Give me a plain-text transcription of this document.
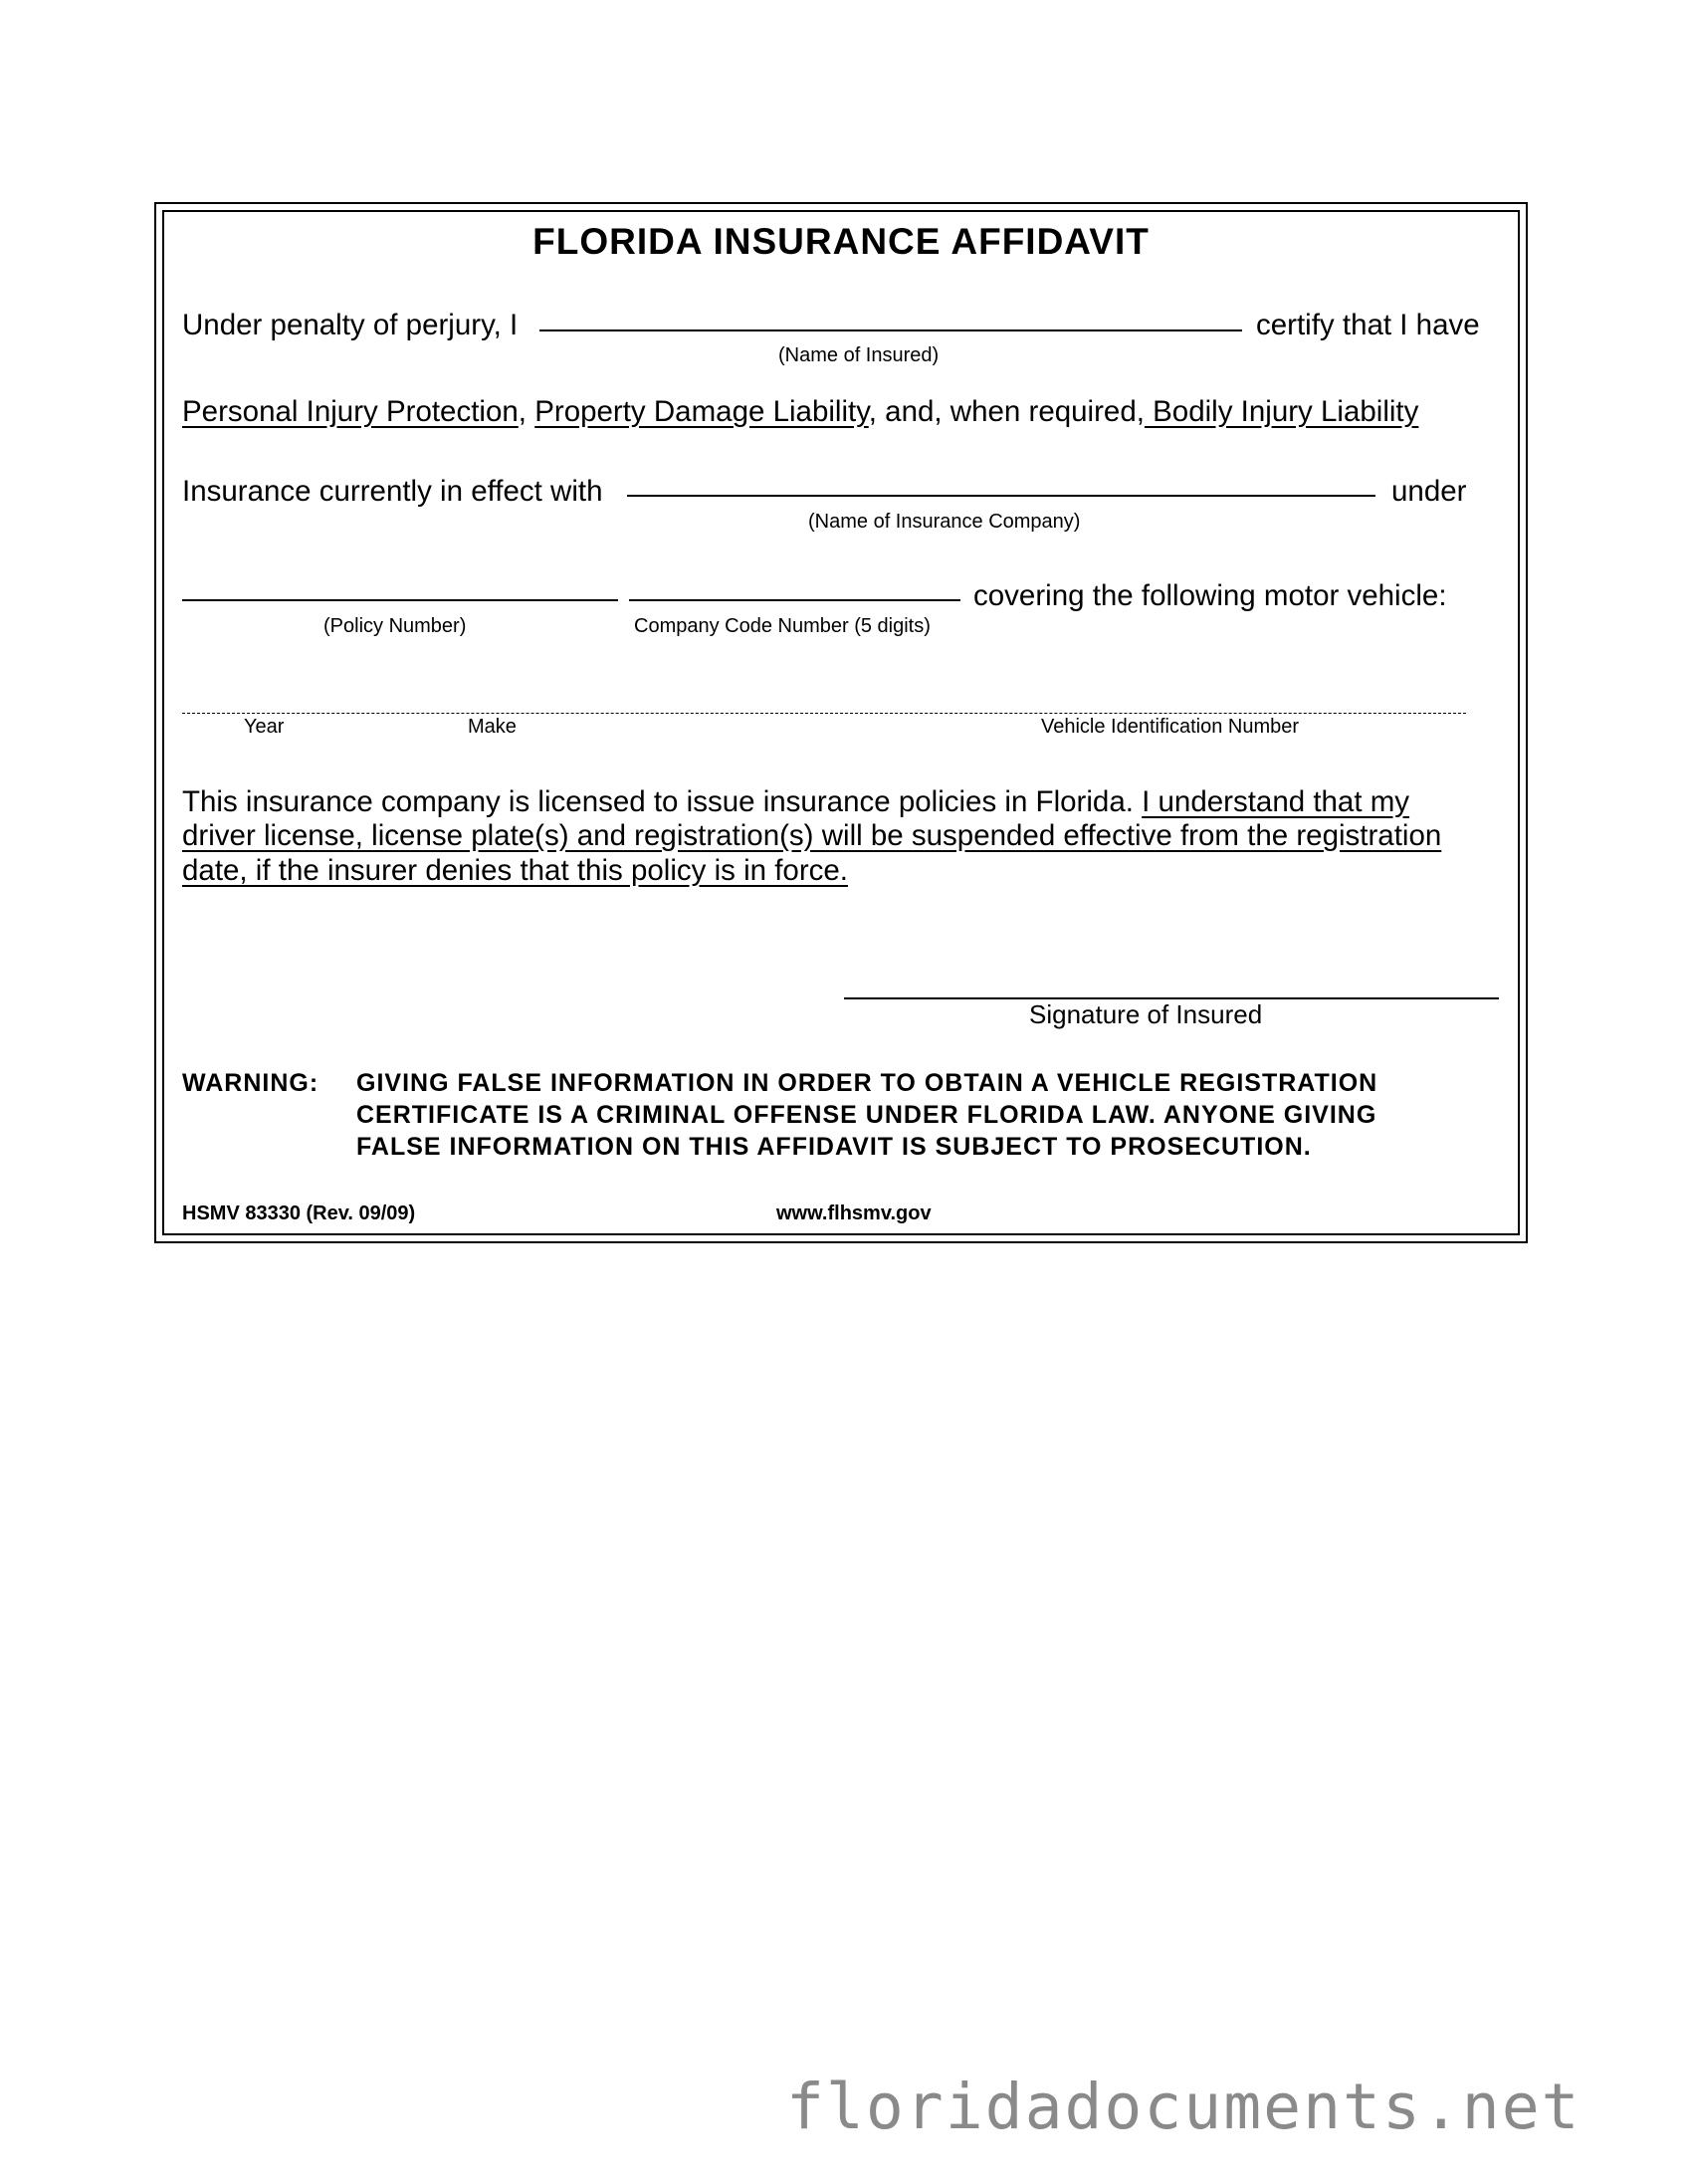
FLORIDA INSURANCE AFFIDAVIT
Under penalty of perjury, I	certify that I have
(Name of Insured)
Personal Injury Protection, Property Damage Liability, and, when required, Bodily Injury Liability
Insurance currently in effect with	under
(Name of Insurance Company)
covering the following motor vehicle:
(Policy Number)	Company Code Number (5 digits)
Year	Make	Vehicle Identification Number
This insurance company is licensed to issue insurance policies in Florida. I understand that my
driver license, license plate(s) and registration(s) will be suspended effective from the registration
date, if the insurer denies that this policy is in force.
Signature of Insured
WARNING: GIVING FALSE INFORMATION IN ORDER TO OBTAIN A VEHICLE REGISTRATION
CERTIFICATE IS A CRIMINAL OFFENSE UNDER FLORIDA LAW. ANYONE GIVING
FALSE INFORMATION ON THIS AFFIDAVIT IS SUBJECT TO PROSECUTION.
HSMV 83330 (Rev. 09/09)	www.flhsmv.gov
floridadocuments.net
